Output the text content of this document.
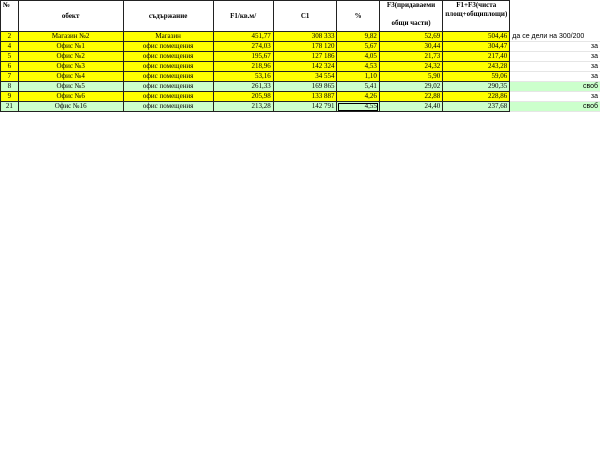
№	обект	съдържание	F1/кв.м/	C1	%	F3(придаваеми
общи части)	F1+F3(чиста площ+общиплощи)	
2	Магазин №2	Магазин	451,77	308 333	9,82	52,69	504,46	да се дели на 300/200
4	Офис №1	офис помещения	274,03	178 120	5,67	30,44	304,47	за
5	Офис №2	офис помещения	195,67	127 186	4,05	21,73	217,40	за
6	Офис №3	офис помещения	218,96	142 324	4,53	24,32	243,28	за
7	Офис №4	офис помещения	53,16	34 554	1,10	5,90	59,06	за
8	Офис №5	офис помещения	261,33	169 865	5,41	29,02	290,35	своб
9	Офис №6	офис помещения	205,98	133 887	4,26	22,88	228,86	за
21	Офис №16	офис помещения	213,28	142 791	4,55	24,40	237,68	своб
